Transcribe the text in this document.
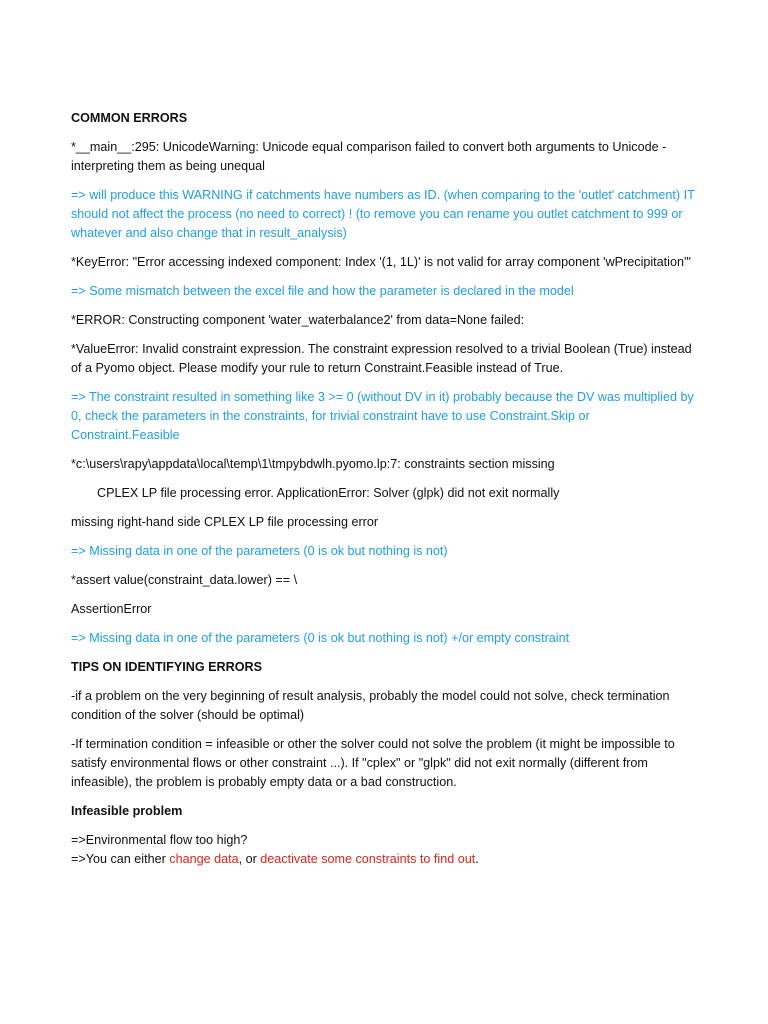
COMMON ERRORS

*__main__:295: UnicodeWarning: Unicode equal comparison failed to convert both arguments to Unicode - interpreting them as being unequal

=> will produce this WARNING if catchments have numbers as ID. (when comparing to the 'outlet' catchment) IT should not affect the process (no need to correct) ! (to remove you can rename you outlet catchment to 999 or whatever and also change that in result_analysis)

*KeyError: "Error accessing indexed component: Index '(1, 1L)' is not valid for array component 'wPrecipitation'"

=> Some mismatch between the excel file and how the parameter is declared in the model

*ERROR: Constructing component 'water_waterbalance2' from data=None failed:

*ValueError: Invalid constraint expression. The constraint expression resolved to a trivial Boolean (True) instead of a Pyomo object. Please modify your rule to return Constraint.Feasible instead of True.

=> The constraint resulted in something like 3 >= 0 (without DV in it) probably because the DV was multiplied by 0, check the parameters in the constraints, for trivial constraint have to use Constraint.Skip or Constraint.Feasible

*c:\users\rapy\appdata\local\temp\1\tmpybdwlh.pyomo.lp:7: constraints section missing

CPLEX LP file processing error. ApplicationError: Solver (glpk) did not exit normally

missing right-hand side CPLEX LP file processing error

=> Missing data in one of the parameters (0 is ok but nothing is not)

*assert value(constraint_data.lower) == \

AssertionError

=> Missing data in one of the parameters (0 is ok but nothing is not) +/or empty constraint

TIPS ON IDENTIFYING ERRORS

-if a problem on the very beginning of result analysis, probably the model could not solve, check termination condition of the solver (should be optimal)

-If termination condition = infeasible or other the solver could not solve the problem (it might be impossible to satisfy environmental flows or other constraint ...). If "cplex" or "glpk" did not exit normally (different from infeasible), the problem is probably empty data or a bad construction.

Infeasible problem

=>Environmental flow too high?

=>You can either change data, or deactivate some constraints to find out.
